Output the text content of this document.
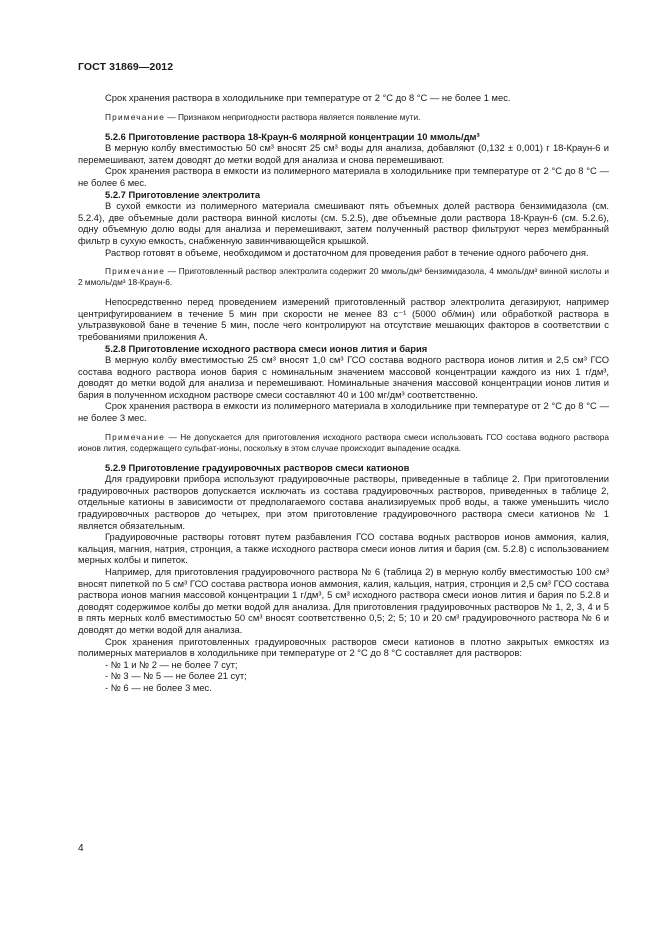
ГОСТ 31869—2012

Срок хранения раствора в холодильнике при температуре от 2 °С до 8 °С — не более 1 мес.

Примечание — Признаком непригодности раствора является появление мути.

5.2.6 Приготовление раствора 18-Краун-6 молярной концентрации 10 ммоль/дм³

В мерную колбу вместимостью 50 см³ вносят 25 см³ воды для анализа, добавляют (0,132 ± 0,001) г 18-Краун-6 и перемешивают, затем доводят до метки водой для анализа и снова перемешивают.

Срок хранения раствора в емкости из полимерного материала в холодильнике при температуре от 2 °С до 8 °С — не более 6 мес.

5.2.7 Приготовление электролита

В сухой емкости из полимерного материала смешивают пять объемных долей раствора бензимидазола (см. 5.2.4), две объемные доли раствора винной кислоты (см. 5.2.5), две объемные доли раствора 18-Краун-6 (см. 5.2.6), одну объемную долю воды для анализа и перемешивают, затем полученный раствор фильтруют через мембранный фильтр в сухую емкость, снабженную завинчивающейся крышкой.

Раствор готовят в объеме, необходимом и достаточном для проведения работ в течение одного рабочего дня.

Примечание — Приготовленный раствор электролита содержит 20 ммоль/дм³ бензимидазола, 4 ммоль/дм³ винной кислоты и 2 ммоль/дм³ 18-Краун-6.

Непосредственно перед проведением измерений приготовленный раствор электролита дегазируют, например центрифугированием в течение 5 мин при скорости не менее 83 с⁻¹ (5000 об/мин) или обработкой раствора в ультразвуковой бане в течение 5 мин, после чего контролируют на отсутствие мешающих факторов в соответствии с требованиями приложения А.

5.2.8 Приготовление исходного раствора смеси ионов лития и бария

В мерную колбу вместимостью 25 см³ вносят 1,0 см³ ГСО состава водного раствора ионов лития и 2,5 см³ ГСО состава водного раствора ионов бария с номинальным значением массовой концентрации каждого из них 1 г/дм³, доводят до метки водой для анализа и перемешивают. Номинальные значения массовой концентрации ионов лития и бария в полученном исходном растворе смеси составляют 40 и 100 мг/дм³ соответственно.

Срок хранения раствора в емкости из полимерного материала в холодильнике при температуре от 2 °С до 8 °С — не более 3 мес.

Примечание — Не допускается для приготовления исходного раствора смеси использовать ГСО состава водного раствора ионов лития, содержащего сульфат-ионы, поскольку в этом случае происходит выпадение осадка.

5.2.9 Приготовление градуировочных растворов смеси катионов

Для градуировки прибора используют градуировочные растворы, приведенные в таблице 2. При приготовлении градуировочных растворов допускается исключать из состава градуировочных растворов, приведенных в таблице 2, отдельные катионы в зависимости от предполагаемого состава анализируемых проб воды, а также уменьшить число градуировочных растворов до четырех, при этом приготовление градуировочного раствора смеси катионов № 1 является обязательным.

Градуировочные растворы готовят путем разбавления ГСО состава водных растворов ионов аммония, калия, кальция, магния, натрия, стронция, а также исходного раствора смеси ионов лития и бария (см. 5.2.8) с использованием мерных колбы и пипеток.

Например, для приготовления градуировочного раствора № 6 (таблица 2) в мерную колбу вместимостью 100 см³ вносят пипеткой по 5 см³ ГСО состава раствора ионов аммония, калия, кальция, натрия, стронция и 2,5 см³ ГСО состава раствора ионов магния массовой концентрации 1 г/дм³, 5 см³ исходного раствора смеси ионов лития и бария по 5.2.8 и доводят содержимое колбы до метки водой для анализа. Для приготовления градуировочных растворов № 1, 2, 3, 4 и 5 в пять мерных колб вместимостью 50 см³ вносят соответственно 0,5; 2; 5; 10 и 20 см³ градуировочного раствора № 6 и доводят до метки водой для анализа.

Срок хранения приготовленных градуировочных растворов смеси катионов в плотно закрытых емкостях из полимерных материалов в холодильнике при температуре от 2 °С до 8 °С составляет для растворов:

- № 1 и № 2 — не более 7 сут;

- № 3 — № 5 — не более 21 сут;

- № 6 — не более 3 мес.

4
